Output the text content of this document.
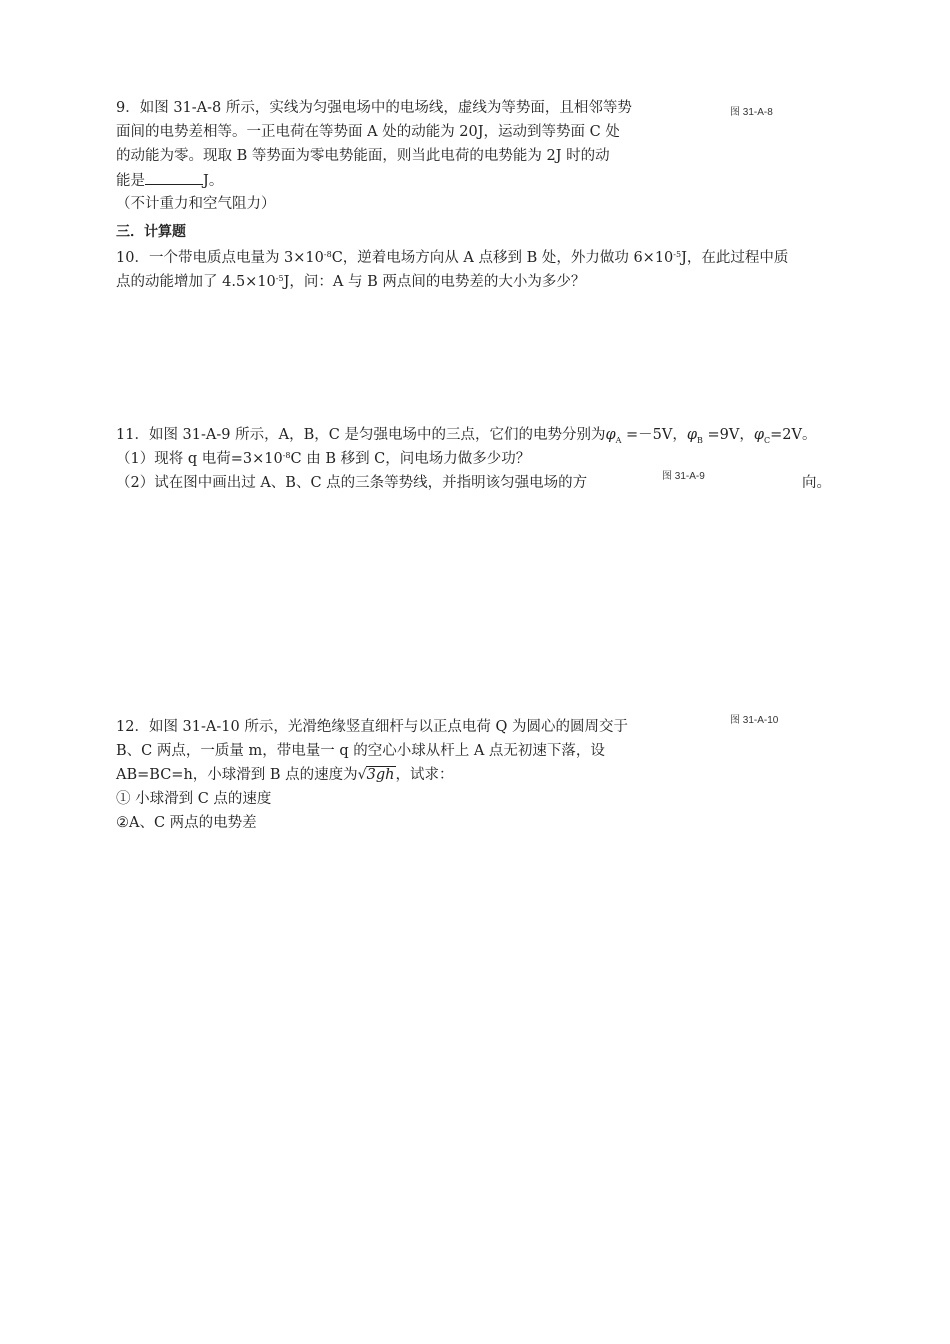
9．如图 31-A-8 所示，实线为匀强电场中的电场线，虚线为等势面，且相邻等势
面间的电势差相等。一正电荷在等势面 A 处的动能为 20J，运动到等势面 C 处
的动能为零。现取 B 等势面为零电势能面，则当此电荷的电势能为 2J 时的动
能是	J。
（不计重力和空气阻力）
图 31-A-8
三．计算题
10．一个带电质点电量为 $3\times 10^{-8}C$，逆着电场方向从 A 点移到 B 处，外力做功 $6\times 10^{-5}J$，在此过程中质
点的动能增加了 $4.5\times 10^{-5}J$，问：A 与 B 两点间的电势差的大小为多少？
11．如图 31-A-9 所示，A，B，C 是匀强电场中的三点，它们的电势分别为$\varphi_A =-5V$，$\varphi_B =9V$，$\varphi_C=2V$。
（1）现将 q 电荷$=3\times 10^{-8}C$ 由 B 移到 C，问电场力做多少功？
（2）试在图中画出过 A、B、C 点的三条等势线，并指明该匀强电场的方	向。
图 31-A-9
12．如图 31-A-10 所示，光滑绝缘竖直细杆与以正点电荷 Q 为圆心的圆周交于
B、C 两点，一质量 m，带电量一 q 的空心小球从杆上 A 点无初速下落，设
AB=BC=h，小球滑到 B 点的速度为 √ 3gh，试求：
① 小球滑到 C 点的速度
②A、C 两点的电势差
图 31-A-10
